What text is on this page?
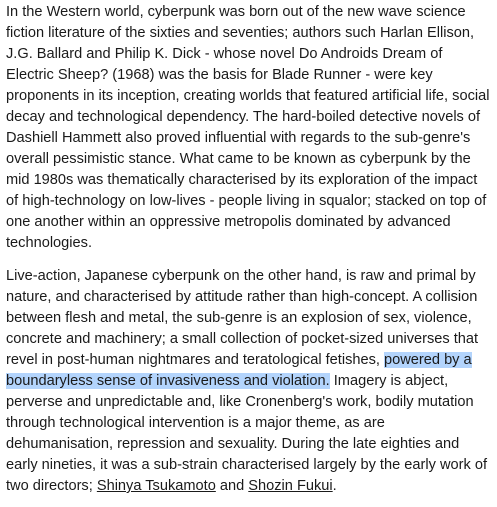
In the Western world, cyberpunk was born out of the new wave science fiction literature of the sixties and seventies; authors such Harlan Ellison, J.G. Ballard and Philip K. Dick - whose novel Do Androids Dream of Electric Sheep? (1968) was the basis for Blade Runner - were key proponents in its inception, creating worlds that featured artificial life, social decay and technological dependency. The hard-boiled detective novels of Dashiell Hammett also proved influential with regards to the sub-genre's overall pessimistic stance. What came to be known as cyberpunk by the mid 1980s was thematically characterised by its exploration of the impact of high-technology on low-lives - people living in squalor; stacked on top of one another within an oppressive metropolis dominated by advanced technologies.

Live-action, Japanese cyberpunk on the other hand, is raw and primal by nature, and characterised by attitude rather than high-concept. A collision between flesh and metal, the sub-genre is an explosion of sex, violence, concrete and machinery; a small collection of pocket-sized universes that revel in post-human nightmares and teratological fetishes, powered by a boundaryless sense of invasiveness and violation. Imagery is abject, perverse and unpredictable and, like Cronenberg's work, bodily mutation through technological intervention is a major theme, as are dehumanisation, repression and sexuality. During the late eighties and early nineties, it was a sub-strain characterised largely by the early work of two directors; Shinya Tsukamoto and Shozin Fukui.
